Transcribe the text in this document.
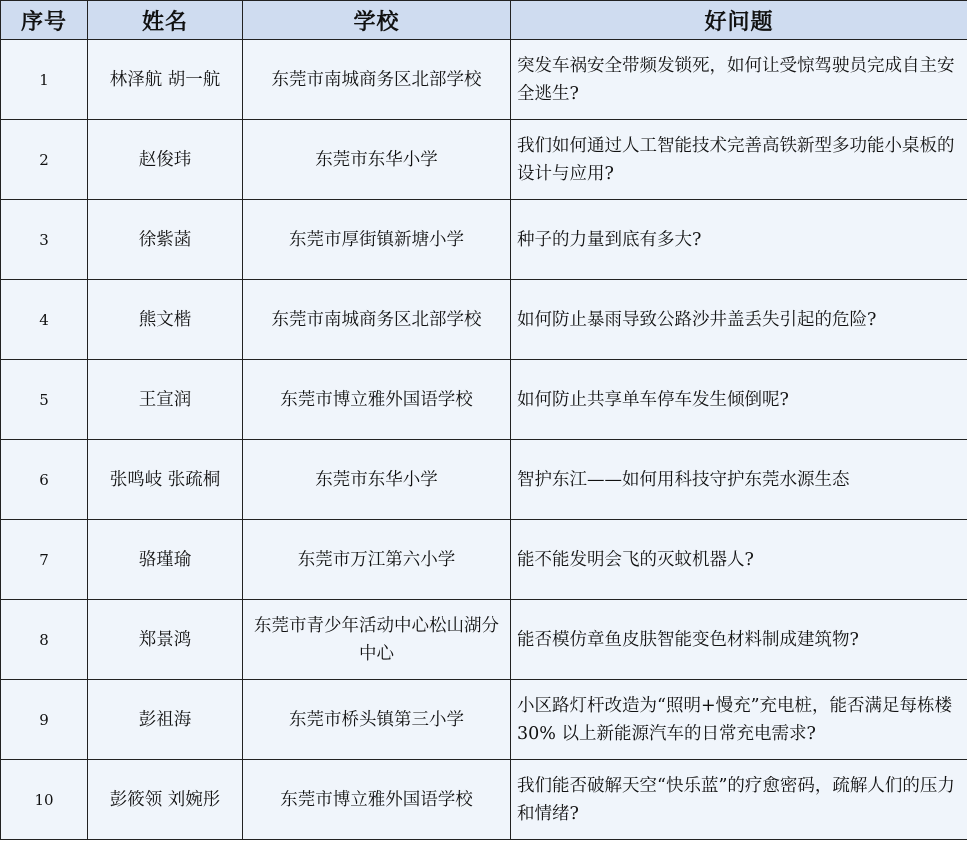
序号	姓名	学校	好问题
1	林泽航 胡一航	东莞市南城商务区北部学校	突发车祸安全带频发锁死，如何让受惊驾驶员完成自主安全逃生?
2	赵俊玮	东莞市东华小学	我们如何通过人工智能技术完善高铁新型多功能小桌板的设计与应用?
3	徐紫菡	东莞市厚街镇新塘小学	种子的力量到底有多大?
4	熊文楷	东莞市南城商务区北部学校	如何防止暴雨导致公路沙井盖丢失引起的危险?
5	王宣润	东莞市博立雅外国语学校	如何防止共享单车停车发生倾倒呢?
6	张鸣岐 张疏桐	东莞市东华小学	智护东江——如何用科技守护东莞水源生态
7	骆瑾瑜	东莞市万江第六小学	能不能发明会飞的灭蚊机器人?
8	郑景鸿	东莞市青少年活动中心松山湖分中心	能否模仿章鱼皮肤智能变色材料制成建筑物?
9	彭祖海	东莞市桥头镇第三小学	小区路灯杆改造为“照明+慢充”充电桩，能否满足每栋楼 30% 以上新能源汽车的日常充电需求?
10	彭筱领 刘婉彤	东莞市博立雅外国语学校	我们能否破解天空“快乐蓝”的疗愈密码，疏解人们的压力和情绪?
